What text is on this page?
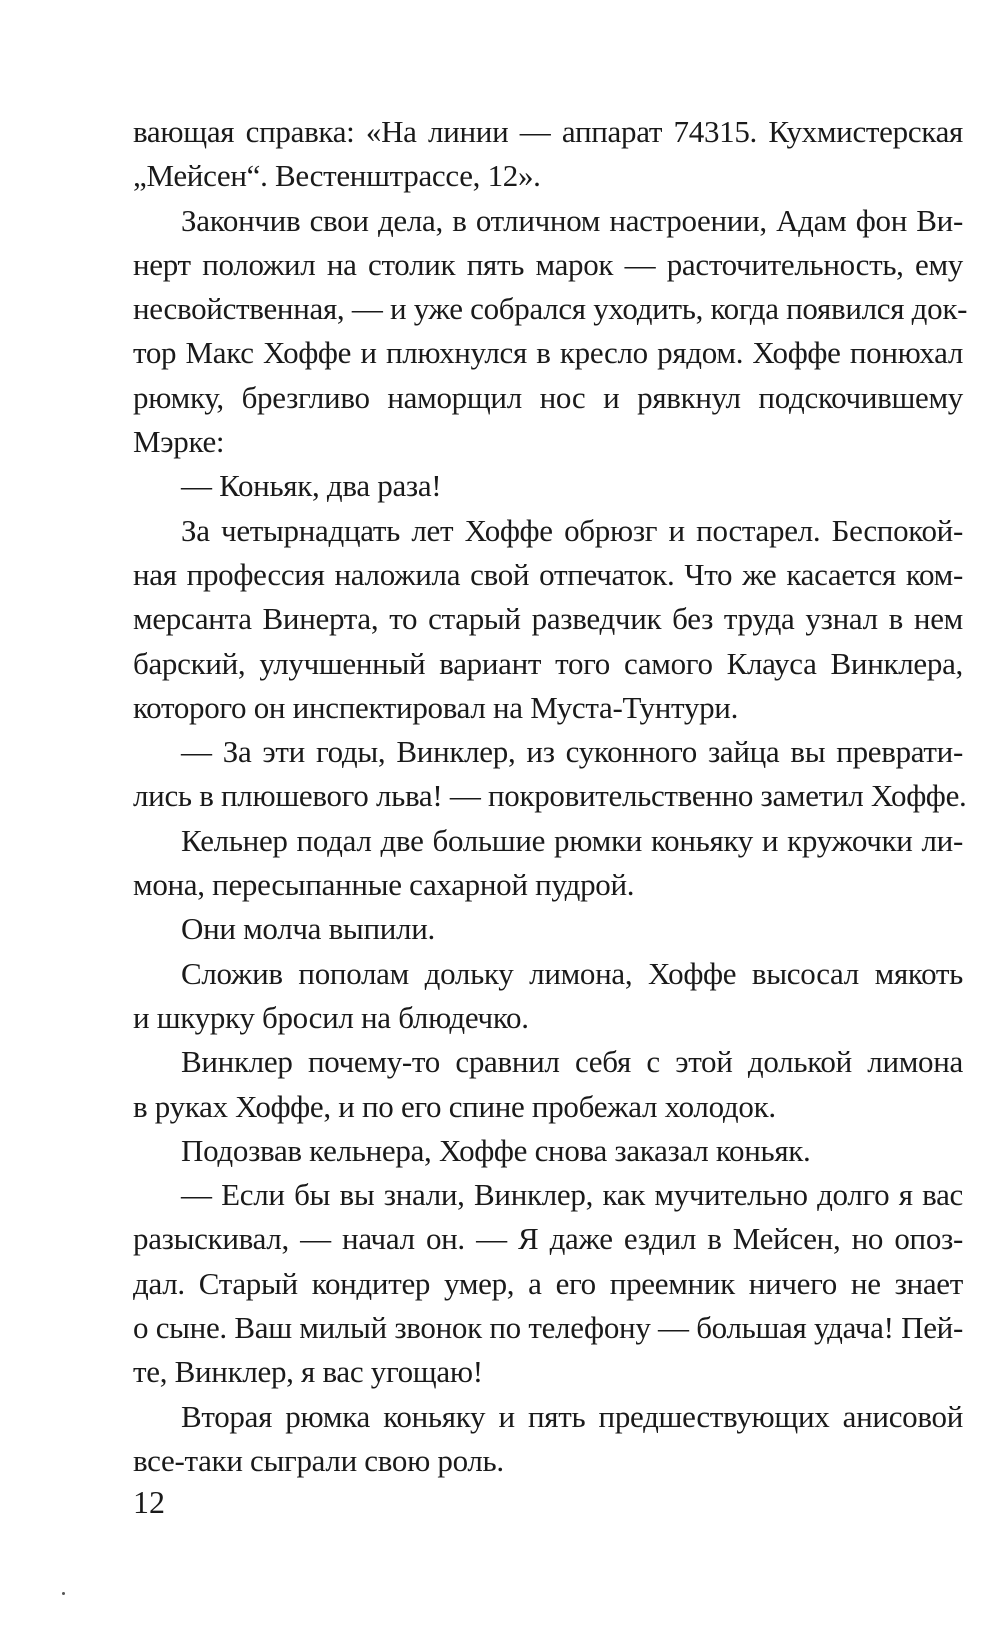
вающая справка: «На линии — аппарат 74315. Кухмистерская
„Мейсен“. Вестенштрассе, 12».
Закончив свои дела, в отличном настроении, Адам фон Ви-
нерт положил на столик пять марок — расточительность, ему
несвойственная, — и уже собрался уходить, когда появился док-
тор Макс Хоффе и плюхнулся в кресло рядом. Хоффе понюхал
рюмку, брезгливо наморщил нос и рявкнул подскочившему
Мэрке:
— Коньяк, два раза!
За четырнадцать лет Хоффе обрюзг и постарел. Беспокой-
ная профессия наложила свой отпечаток. Что же касается ком-
мерсанта Винерта, то старый разведчик без труда узнал в нем
барский, улучшенный вариант того самого Клауса Винклера,
которого он инспектировал на Муста-Тунтури.
— За эти годы, Винклер, из суконного зайца вы преврати-
лись в плюшевого льва! — покровительственно заметил Хоффе.
Кельнер подал две большие рюмки коньяку и кружочки ли-
мона, пересыпанные сахарной пудрой.
Они молча выпили.
Сложив пополам дольку лимона, Хоффе высосал мякоть
и шкурку бросил на блюдечко.
Винклер почему-то сравнил себя с этой долькой лимона
в руках Хоффе, и по его спине пробежал холодок.
Подозвав кельнера, Хоффе снова заказал коньяк.
— Если бы вы знали, Винклер, как мучительно долго я вас
разыскивал, — начал он. — Я даже ездил в Мейсен, но опоз-
дал. Старый кондитер умер, а его преемник ничего не знает
о сыне. Ваш милый звонок по телефону — большая удача! Пей-
те, Винклер, я вас угощаю!
Вторая рюмка коньяку и пять предшествующих анисовой
все-таки сыграли свою роль.
12
